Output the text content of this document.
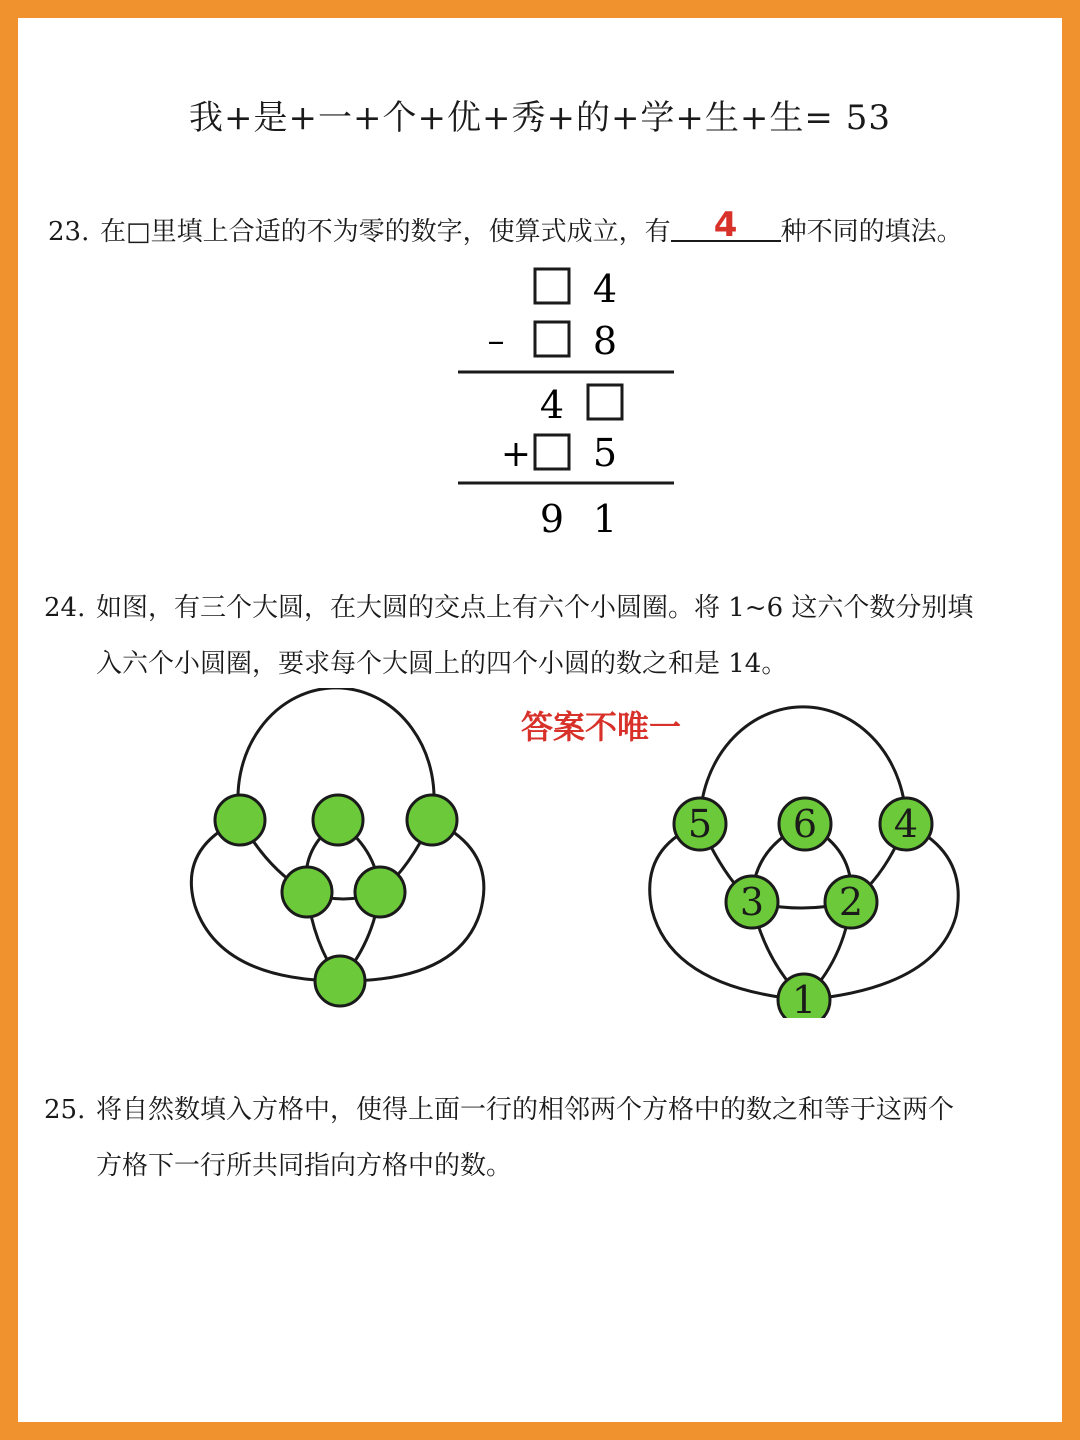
我+是+一+个+优+秀+的+学+生+生= 53
23. 在□里填上合适的不为零的数字，使算式成立，有 4 种不同的填法。
4
– 8
4
+ 5
9 1
24. 如图，有三个大圆，在大圆的交点上有六个小圆圈。将 1~6 这六个数分别填
入六个小圆圈，要求每个大圆上的四个小圆的数之和是 14。
答案不唯一
5 6 4
3 2
1
25. 将自然数填入方格中，使得上面一行的相邻两个方格中的数之和等于这两个
方格下一行所共同指向方格中的数。
